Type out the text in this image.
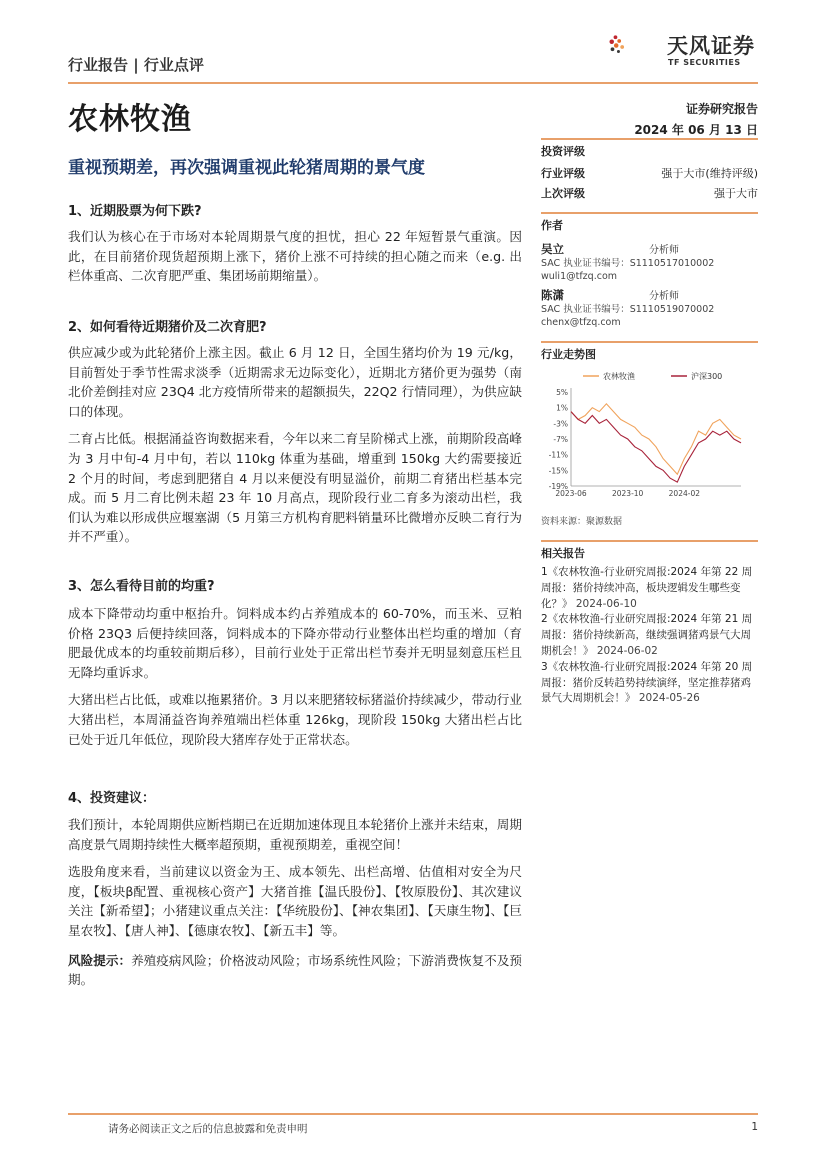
行业报告 | 行业点评
天风证券
TF SECURITIES
农林牧渔	证券研究报告
2024 年 06 月 13 日
重视预期差，再次强调重视此轮猪周期的景气度
投资评级
行业评级	强于大市(维持评级)
上次评级	强于大市
作者
吴立	分析师
SAC 执业证书编号：S1110517010002
wuli1@tfzq.com
陈潇	分析师
SAC 执业证书编号：S1110519070002
chenx@tfzq.com
行业走势图
5%
1%
-3%
-7%
-11%
-15%
-19%
2023-06	2023-10	2024-02
农林牧渔	沪深300
资料来源：聚源数据
相关报告
1《农林牧渔-行业研究周报:2024 年第 22 周周报：猪价持续冲高，板块逻辑发生哪些变化？》 2024-06-10
2《农林牧渔-行业研究周报:2024 年第 21 周周报：猪价持续新高，继续强调猪鸡景气大周期机会！》 2024-06-02
3《农林牧渔-行业研究周报:2024 年第 20 周周报：猪价反转趋势持续演绎，坚定推荐猪鸡景气大周期机会！》 2024-05-26
1、近期股票为何下跌?
我们认为核心在于市场对本轮周期景气度的担忧，担心 22 年短暂景气重演。因此，在目前猪价现货超预期上涨下，猪价上涨不可持续的担心随之而来（e.g. 出栏体重高、二次育肥严重、集团场前期缩量）。
2、如何看待近期猪价及二次育肥?
供应减少或为此轮猪价上涨主因。截止 6 月 12 日，全国生猪均价为 19 元/kg，目前暂处于季节性需求淡季（近期需求无边际变化），近期北方猪价更为强势（南北价差倒挂对应 23Q4 北方疫情所带来的超额损失，22Q2 行情同理），为供应缺口的体现。
二育占比低。根据涌益咨询数据来看，今年以来二育呈阶梯式上涨，前期阶段高峰为 3 月中旬-4 月中旬，若以 110kg 体重为基础，增重到 150kg 大约需要接近 2 个月的时间，考虑到肥猪自 4 月以来便没有明显溢价，前期二育猪出栏基本完成。而 5 月二育比例未超 23 年 10 月高点，现阶段行业二育多为滚动出栏，我们认为难以形成供应堰塞湖（5 月第三方机构育肥料销量环比微增亦反映二育行为并不严重）。
3、怎么看待目前的均重?
成本下降带动均重中枢抬升。饲料成本约占养殖成本的 60-70%，而玉米、豆粕价格 23Q3 后便持续回落，饲料成本的下降亦带动行业整体出栏均重的增加（育肥最优成本的均重较前期后移），目前行业处于正常出栏节奏并无明显刻意压栏且无降均重诉求。
大猪出栏占比低，或难以拖累猪价。3 月以来肥猪较标猪溢价持续减少，带动行业大猪出栏，本周涌益咨询养殖端出栏体重 126kg，现阶段 150kg 大猪出栏占比已处于近几年低位，现阶段大猪库存处于正常状态。
4、投资建议：
我们预计，本轮周期供应断档期已在近期加速体现且本轮猪价上涨并未结束，周期高度景气周期持续性大概率超预期，重视预期差，重视空间！
选股角度来看，当前建议以资金为王、成本领先、出栏高增、估值相对安全为尺度，【板块β配置、重视核心资产】大猪首推【温氏股份】、【牧原股份】、其次建议关注【新希望】；小猪建议重点关注：【华统股份】、【神农集团】、【天康生物】、【巨星农牧】、【唐人神】、【德康农牧】、【新五丰】等。
风险提示：养殖疫病风险；价格波动风险；市场系统性风险；下游消费恢复不及预期。
请务必阅读正文之后的信息披露和免责申明	1
